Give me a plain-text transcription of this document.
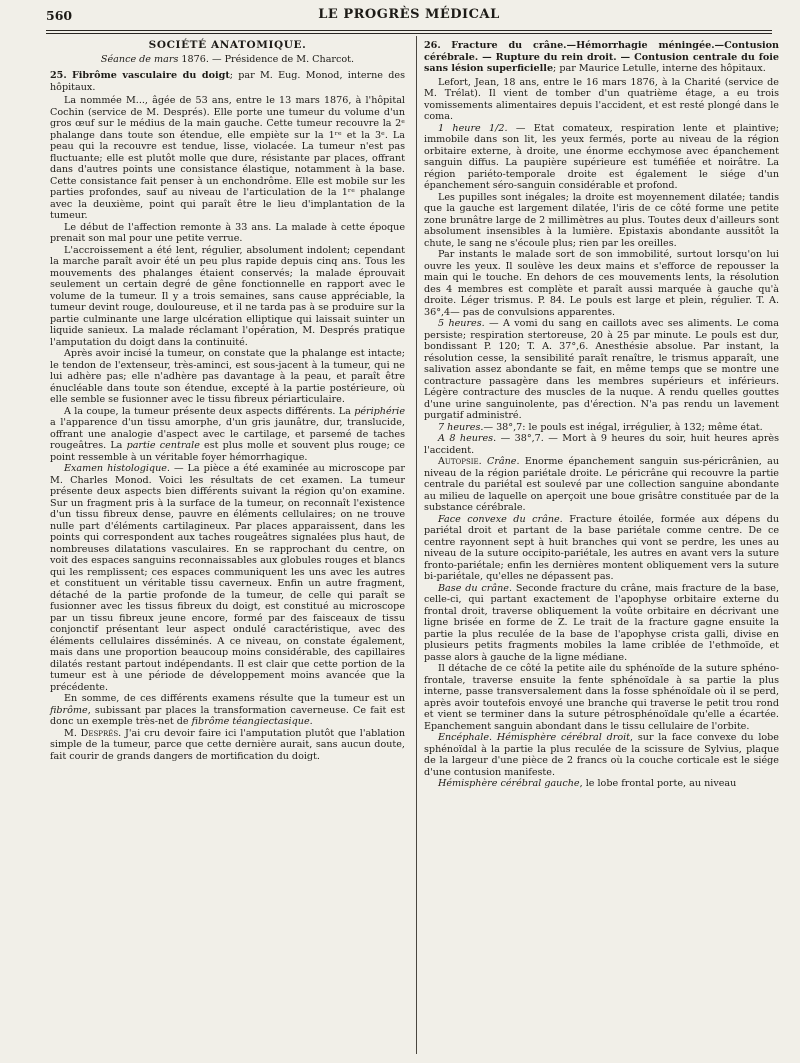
560	LE PROGRÈS MÉDICAL
SOCIÉTÉ ANATOMIQUE.
Séance de mars 1876. — Présidence de M. Charcot.

25. Fibrôme vasculaire du doigt; par M. Eug. Monod, interne des hôpitaux.

La nommée M..., âgée de 53 ans, entre le 13 mars 1876, à l'hôpital Cochin (service de M. Després). Elle porte une tumeur du volume d'un gros œuf sur le médius de la main gauche. Cette tumeur recouvre la 2ᵉ phalange dans toute son étendue, elle empiète sur la 1ʳᵉ et la 3ᵉ. La peau qui la recouvre est tendue, lisse, violacée. La tumeur n'est pas fluctuante; elle est plutôt molle que dure, résistante par places, offrant dans d'autres points une consistance élastique, notamment à la base. Cette consistance fait penser à un enchondrôme. Elle est mobile sur les parties profondes, sauf au niveau de l'articulation de la 1ʳᵉ phalange avec la deuxième, point qui paraît être le lieu d'implantation de la tumeur.

Le début de l'affection remonte à 33 ans. La malade à cette époque prenait son mal pour une petite verrue.

L'accroissement a été lent, régulier, absolument indolent; cependant la marche paraît avoir été un peu plus rapide depuis cinq ans. Tous les mouvements des phalanges étaient conservés; la malade éprouvait seulement un certain degré de gêne fonctionnelle en rapport avec le volume de la tumeur. Il y a trois semaines, sans cause appréciable, la tumeur devint rouge, douloureuse, et il ne tarda pas à se produire sur la partie culminante une large ulcération elliptique qui laissait suinter un liquide sanieux. La malade réclamant l'opération, M. Després pratique l'amputation du doigt dans la continuité.

Après avoir incisé la tumeur, on constate que la phalange est intacte; le tendon de l'extenseur, très-aminci, est sous-jacent à la tumeur, qui ne lui adhère pas; elle n'adhère pas davantage à la peau, et paraît être énucléable dans toute son étendue, excepté à la partie postérieure, où elle semble se fusionner avec le tissu fibreux périarticulaire.

A la coupe, la tumeur présente deux aspects différents. La périphérie a l'apparence d'un tissu amorphe, d'un gris jaunâtre, dur, translucide, offrant une analogie d'aspect avec le cartilage, et parsemé de taches rougeâtres. La partie centrale est plus molle et souvent plus rouge; ce point ressemble à un véritable foyer hémorrhagique.

Examen histologique. — La pièce a été examinée au microscope par M. Charles Monod. Voici les résultats de cet examen. La tumeur présente deux aspects bien différents suivant la région qu'on examine. Sur un fragment pris à la surface de la tumeur, on reconnaît l'existence d'un tissu fibreux dense, pauvre en éléments cellulaires; on ne trouve nulle part d'éléments cartilagineux. Par places apparaissent, dans les points qui correspondent aux taches rougeâtres signalées plus haut, de nombreuses dilatations vasculaires. En se rapprochant du centre, on voit des espaces sanguins reconnaissables aux globules rouges et blancs qui les remplissent; ces espaces communiquent les uns avec les autres et constituent un véritable tissu caverneux. Enfin un autre fragment, détaché de la partie profonde de la tumeur, de celle qui paraît se fusionner avec les tissus fibreux du doigt, est constitué au microscope par un tissu fibreux jeune encore, formé par des faisceaux de tissu conjonctif présentant leur aspect ondulé caractéristique, avec des éléments cellulaires disséminés. A ce niveau, on constate également, mais dans une proportion beaucoup moins considérable, des capillaires dilatés restant partout indépendants. Il est clair que cette portion de la tumeur est à une période de développement moins avancée que la précédente.

En somme, de ces différents examens résulte que la tumeur est un fibrôme, subissant par places la transformation caverneuse. Ce fait est donc un exemple très-net de fibrôme téangiectasique.

M. Després. J'ai cru devoir faire ici l'amputation plutôt que l'ablation simple de la tumeur, parce que cette dernière aurait, sans aucun doute, fait courir de grands dangers de mortification du doigt.

26. Fracture du crâne.—Hémorrhagie méningée.—Contusion cérébrale. — Rupture du rein droit. — Contusion centrale du foie sans lésion superficielle; par Maurice Letulle, interne des hôpitaux.

Lefort, Jean, 18 ans, entre le 16 mars 1876, à la Charité (service de M. Trélat). Il vient de tomber d'un quatrième étage, a eu trois vomissements alimentaires depuis l'accident, et est resté plongé dans le coma.

1 heure 1/2. — Etat comateux, respiration lente et plaintive; immobile dans son lit, les yeux fermés, porte au niveau de la région orbitaire externe, à droite, une énorme ecchymose avec épanchement sanguin diffus. La paupière supérieure est tuméfiée et noirâtre. La région pariéto-temporale droite est également le siége d'un épanchement séro-sanguin considérable et profond.

Les pupilles sont inégales; la droite est moyennement dilatée; tandis que la gauche est largement dilatée, l'iris de ce côté forme une petite zone brunâtre large de 2 millimètres au plus. Toutes deux d'ailleurs sont absolument insensibles à la lumière. Epistaxis abondante aussitôt la chute, le sang ne s'écoule plus; rien par les oreilles.

Par instants le malade sort de son immobilité, surtout lorsqu'on lui ouvre les yeux. Il soulève les deux mains et s'efforce de repousser la main qui le touche. En dehors de ces mouvements lents, la résolution des 4 membres est complète et paraît aussi marquée à gauche qu'à droite. Léger trismus. P. 84. Le pouls est large et plein, régulier. T. A. 36°,4— pas de convulsions apparentes.

5 heures. — A vomi du sang en caillots avec ses aliments. Le coma persiste; respiration stertoreuse, 20 à 25 par minute. Le pouls est dur, bondissant P. 120; T. A. 37°,6. Anesthésie absolue. Par instant, la résolution cesse, la sensibilité paraît renaître, le trismus apparaît, une salivation assez abondante se fait, en même temps que se montre une contracture passagère dans les membres supérieurs et inférieurs. Légère contracture des muscles de la nuque. A rendu quelles gouttes d'une urine sanguinolente, pas d'érection. N'a pas rendu un lavement purgatif administré.

7 heures.— 38°,7: le pouls est inégal, irrégulier, à 132; même état.

A 8 heures. — 38°,7. — Mort à 9 heures du soir, huit heures après l'accident.

Autopsie. Crâne. Enorme épanchement sanguin sus-péricrânien, au niveau de la région pariétale droite. Le péricrâne qui recouvre la partie centrale du pariétal est soulevé par une collection sanguine abondante au milieu de laquelle on aperçoit une boue grisâtre constituée par de la substance cérébrale.

Face convexe du crâne. Fracture étoilée, formée aux dépens du pariétal droit et partant de la base pariétale comme centre. De ce centre rayonnent sept à huit branches qui vont se perdre, les unes au niveau de la suture occipito-pariétale, les autres en avant vers la suture fronto-pariétale; enfin les dernières montent obliquement vers la suture bi-pariétale, qu'elles ne dépassent pas.

Base du crâne. Seconde fracture du crâne, mais fracture de la base, celle-ci, qui partant exactement de l'apophyse orbitaire externe du frontal droit, traverse obliquement la voûte orbitaire en décrivant une ligne brisée en forme de Z. Le trait de la fracture gagne ensuite la partie la plus reculée de la base de l'apophyse crista galli, divise en plusieurs petits fragments mobiles la lame criblée de l'ethmoïde, et passe alors à gauche de la ligne médiane.

Il détache de ce côté la petite aile du sphénoïde de la suture sphéno-frontale, traverse ensuite la fente sphénoïdale à sa partie la plus interne, passe transversalement dans la fosse sphénoïdale où il se perd, après avoir toutefois envoyé une branche qui traverse le petit trou rond et vient se terminer dans la suture pétrosphénoïdale qu'elle a écartée. Epanchement sanguin abondant dans le tissu cellulaire de l'orbite.

Encéphale. Hémisphère cérébral droit, sur la face convexe du lobe sphénoïdal à la partie la plus reculée de la scissure de Sylvius, plaque de la largeur d'une pièce de 2 francs où la couche corticale est le siége d'une contusion manifeste.

Hémisphère cérébral gauche, le lobe frontal porte, au niveau
